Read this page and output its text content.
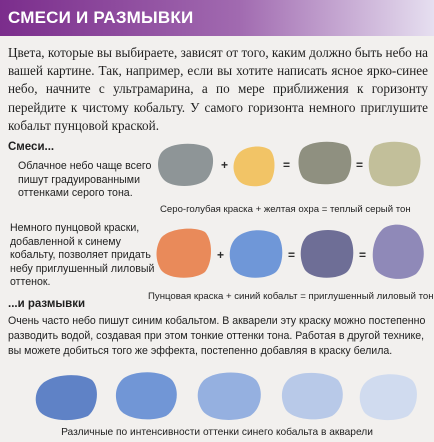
СМЕСИ И РАЗМЫВКИ
Цвета, которые вы выбираете, зависят от того, каким должно быть небо на вашей картине. Так, например, если вы хотите написать ясное ярко-синее небо, начните с ультрамарина, а по мере приближения к горизонту перейдите к чистому кобальту. У самого горизонта немного приглушите кобальт пунцовой краской.
Смеси...
Облачное небо чаще всего пишут градуированными оттенками серого тона.
+	=	=
Серо-голубая краска + желтая охра = теплый серый тон
Немного пунцовой краски, добавленной к синему кобальту, позволяет придать небу приглушенный лиловый оттенок.
+	=	=
Пунцовая краска + синий кобальт = приглушенный лиловый тон
...и размывки
Очень часто небо пишут синим кобальтом. В акварели эту краску можно постепенно разводить водой, создавая при этом тонкие оттенки тона. Работая в другой технике, вы можете добиться того же эффекта, постепенно добавляя в краску белила.
Различные по интенсивности оттенки синего кобальта в акварели
